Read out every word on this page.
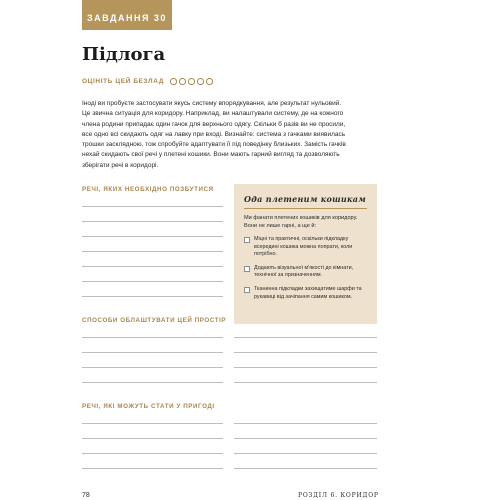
ЗАВДАННЯ 30
Підлога
ОЦІНІТЬ ЦЕЙ БЕЗЛАД
Іноді ви пробуєте застосувати якусь систему впорядкування, але результат нульовий.
Це звична ситуація для коридору. Наприклад, ви налаштували систему, де на кожного
члена родини припадає один гачок для верхнього одягу. Скільки б разів ви не просили,
все одно всі скидають одяг на лавку при вході. Визнайте: система з гачками виявилась
трошки засклядною, тож спробуйте адаптувати її під поведінку близьких. Замість гачків
нехай скидають свої речі у плетені кошики. Вони мають гарний вигляд та дозволяють
зберігати речі в коридорі.
РЕЧІ, ЯКИХ НЕОБХІДНО ПОЗБУТИСЯ
Ода плетеним кошикам
Ми фанати плетених кошиків для коридору.
Вони не лише гарні, а ще й:
Міцні та практичні, оскільки підкладку
всередині кошика можна попрати, коли
потрібно.
Додають візуальної м'якості до кімнати,
технічної за призначенням.
Тканинна підкладки захищатиме шарфи та
рукавиці від зачіпання самим кошиком.
СПОСОБИ ОБЛАШТУВАТИ ЦЕЙ ПРОСТІР
РЕЧІ, ЯКІ МОЖУТЬ СТАТИ У ПРИГОДІ
78	РОЗДІЛ 6. КОРИДОР
